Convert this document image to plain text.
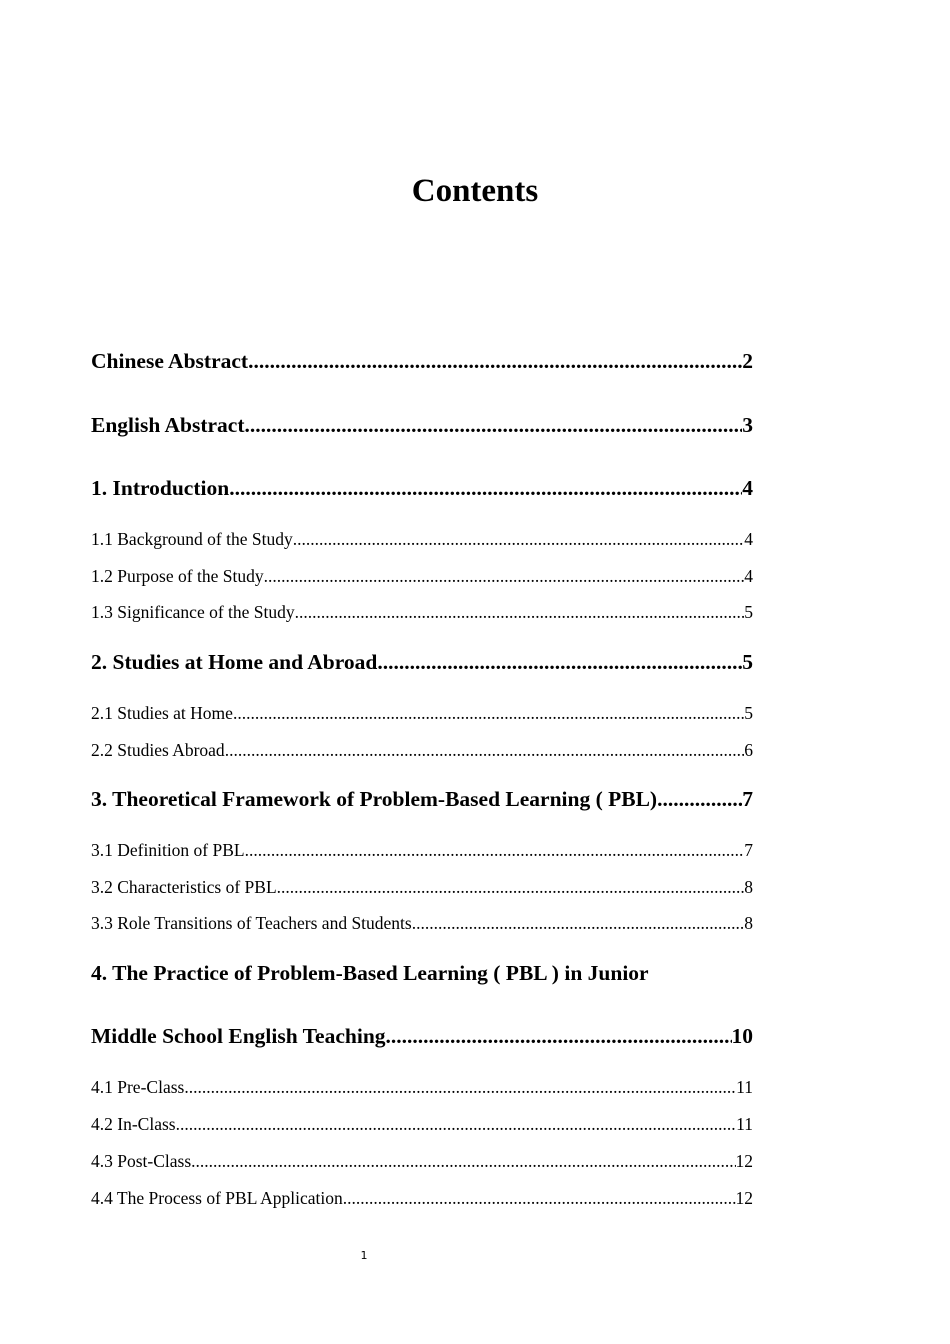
Contents
Chinese Abstract .....	2
English Abstract .....	3
1. Introduction .....	4
1.1 Background of the Study .....	4
1.2 Purpose of the Study .....	4
1.3 Significance of the Study .....	5
2. Studies at Home and Abroad .....	5
2.1 Studies at Home .....	5
2.2 Studies Abroad .....	6
3. Theoretical Framework of Problem-Based Learning ( PBL) .....	7
3.1 Definition of PBL .....	7
3.2 Characteristics of PBL .....	8
3.3 Role Transitions of Teachers and Students .....	8
4. The Practice of Problem-Based Learning ( PBL ) in Junior
Middle School English Teaching .....	10
4.1 Pre-Class .....	11
4.2 In-Class .....	11
4.3 Post-Class .....	12
4.4 The Process of PBL Application .....	12
1
